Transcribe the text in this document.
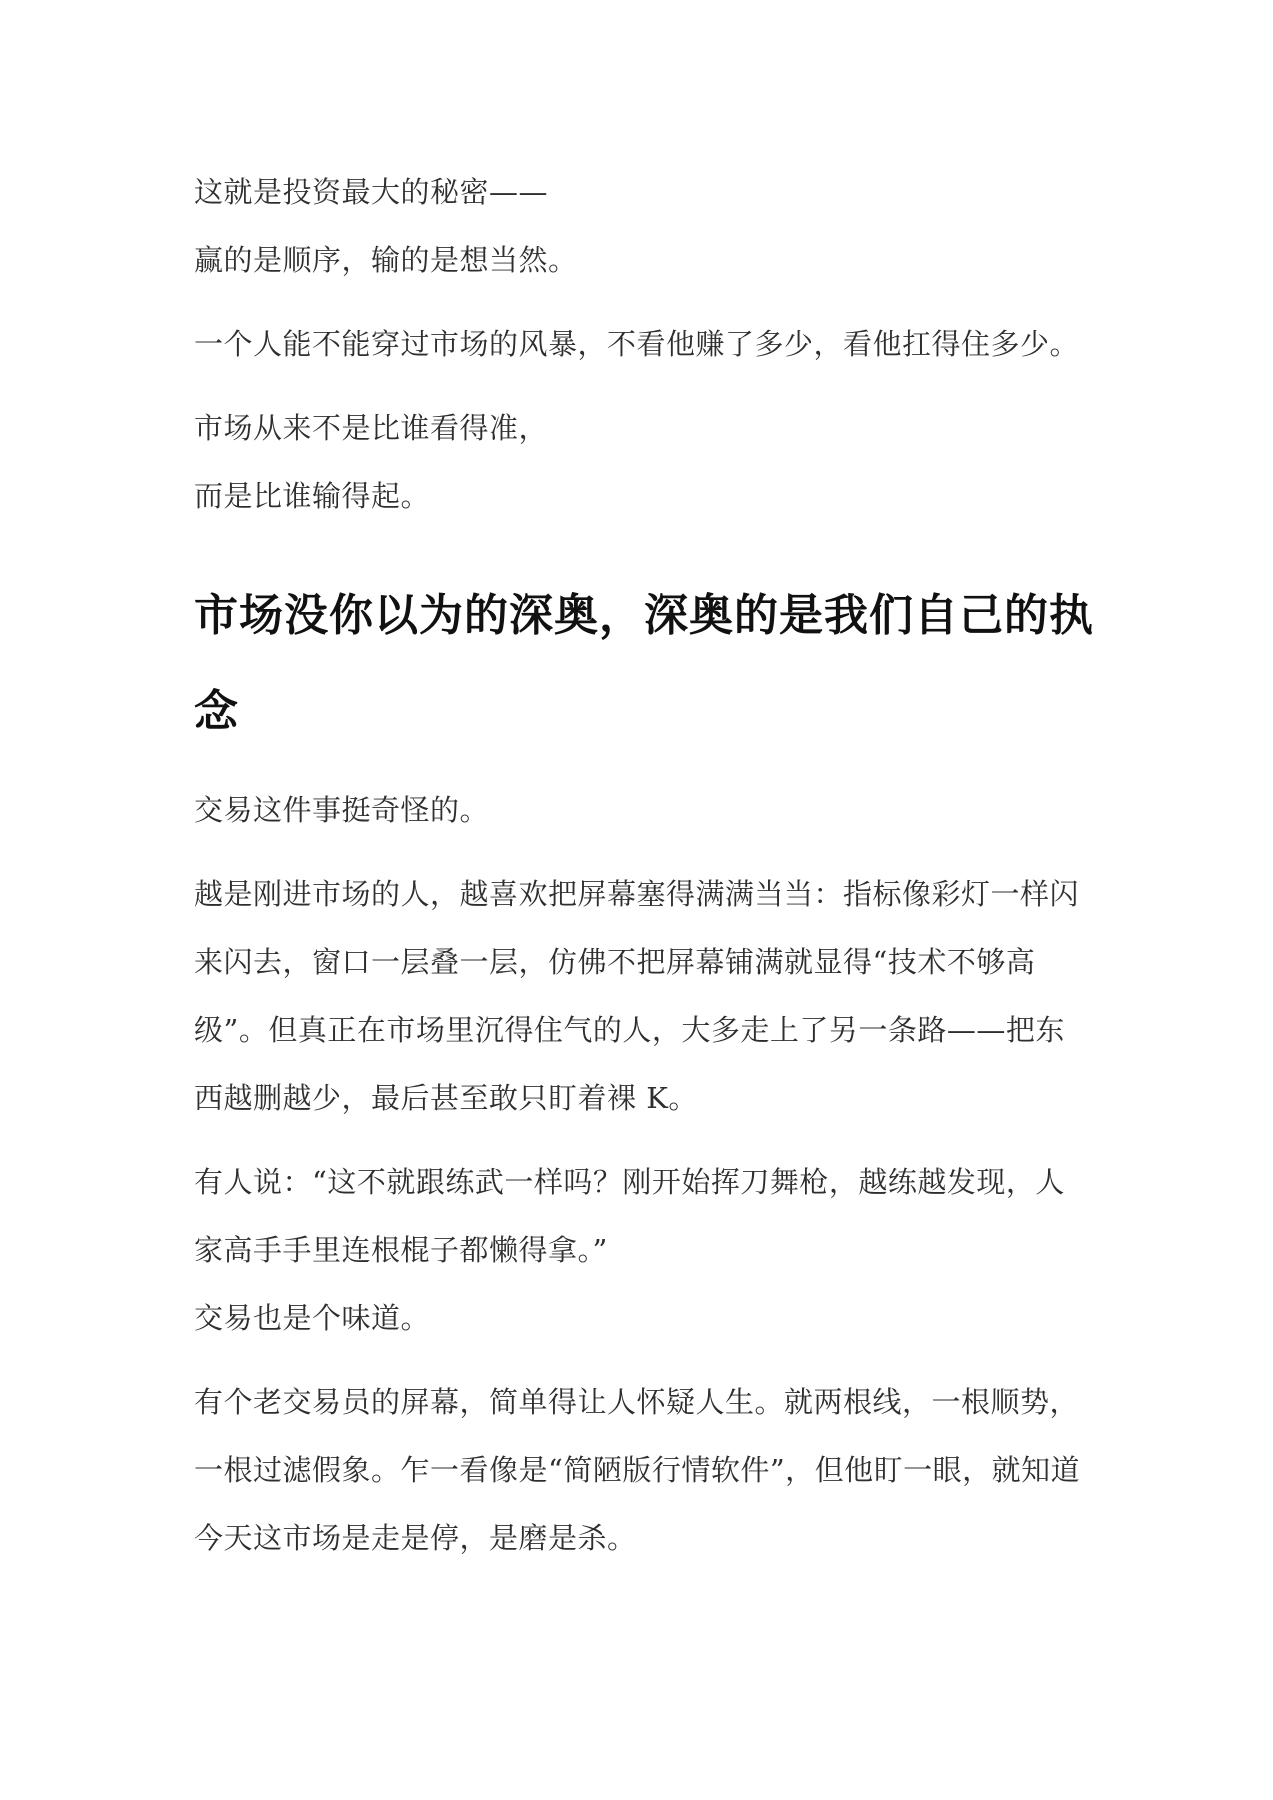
这就是投资最大的秘密——

赢的是顺序，输的是想当然。

一个人能不能穿过市场的风暴，不看他赚了多少，看他扛得住多少。

市场从来不是比谁看得准，

而是比谁输得起。

市场没你以为的深奥，深奥的是我们自己的执念

交易这件事挺奇怪的。

越是刚进市场的人，越喜欢把屏幕塞得满满当当：指标像彩灯一样闪来闪去，窗口一层叠一层，仿佛不把屏幕铺满就显得“技术不够高级”。但真正在市场里沉得住气的人，大多走上了另一条路——把东西越删越少，最后甚至敢只盯着裸 K。

有人说：“这不就跟练武一样吗？刚开始挥刀舞枪，越练越发现，人家高手手里连根棍子都懒得拿。”

交易也是个味道。

有个老交易员的屏幕，简单得让人怀疑人生。就两根线，一根顺势，一根过滤假象。乍一看像是“简陋版行情软件”，但他盯一眼，就知道今天这市场是走是停，是磨是杀。
